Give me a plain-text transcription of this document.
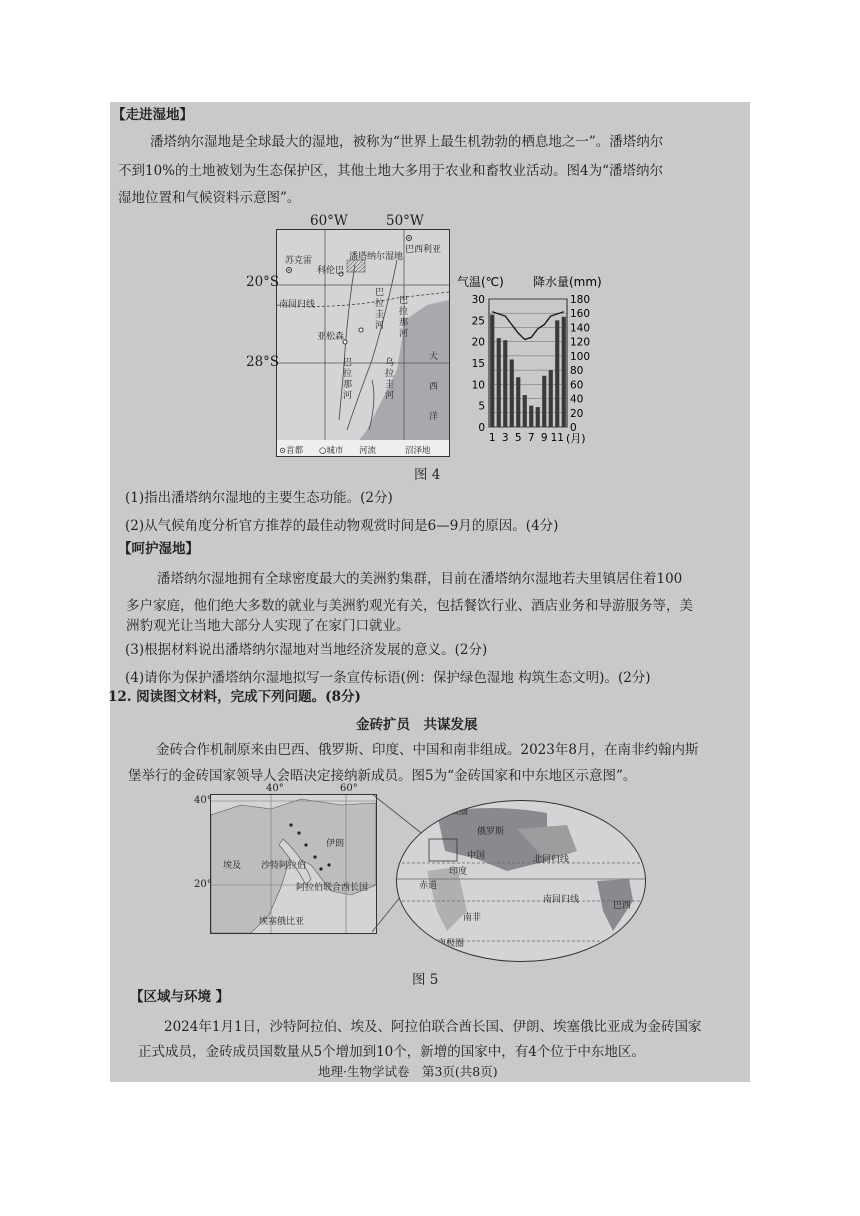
【走进湿地】
潘塔纳尔湿地是全球最大的湿地，被称为“世界上最生机勃勃的栖息地之一”。潘塔纳尔
不到10%的土地被划为生态保护区，其他土地大多用于农业和畜牧业活动。图4为“潘塔纳尔
湿地位置和气候资料示意图”。
苏克雷	潘塔纳尔湿地
巴西利亚
科伦巴
巴拉圭河
巴拉那河
亚松森
乌拉圭河
巴拉那河
大西洋
南回归线
⊙首都 ○城市 河流	沼泽地
60°W	50°W
20°S
28°S
气温(℃) 降水量(mm)
(月)
0
5
10
15
20
25
30
0
20
40
60
80
100
120
140
160
180
1 3 5 7 9 11
图 4
(1)指出潘塔纳尔湿地的主要生态功能。(2分)
(2)从气候角度分析官方推荐的最佳动物观赏时间是6—9月的原因。(4分)
【呵护湿地】
潘塔纳尔湿地拥有全球密度最大的美洲豹集群，目前在潘塔纳尔湿地若夫里镇居住着100
多户家庭，他们绝大多数的就业与美洲豹观光有关，包括餐饮行业、酒店业务和导游服务等，美
洲豹观光让当地大部分人实现了在家门口就业。
(3)根据材料说出潘塔纳尔湿地对当地经济发展的意义。(2分)
(4)请你为保护潘塔纳尔湿地拟写一条宣传标语(例：保护绿色湿地 构筑生态文明)。(2分)
12. 阅读图文材料，完成下列问题。(8分)
金砖扩员　共谋发展
金砖合作机制原来由巴西、俄罗斯、印度、中国和南非组成。2023年8月，在南非约翰内斯
堡举行的金砖国家领导人会晤决定接纳新成员。图5为“金砖国家和中东地区示意图”。
伊朗
埃及 沙特阿拉伯
阿拉伯联合酋长国
埃塞俄比亚
40°	60°
40°
20°
北极圈
俄罗斯
中国
印度
北回归线
赤道
南回归线
南非
巴西
南极圈
图 5
【区域与环境 】
2024年1月1日，沙特阿拉伯、埃及、阿拉伯联合酋长国、伊朗、埃塞俄比亚成为金砖国家
正式成员，金砖成员国数量从5个增加到10个，新增的国家中，有4个位于中东地区。
地理·生物学试卷　第3页(共8页)
